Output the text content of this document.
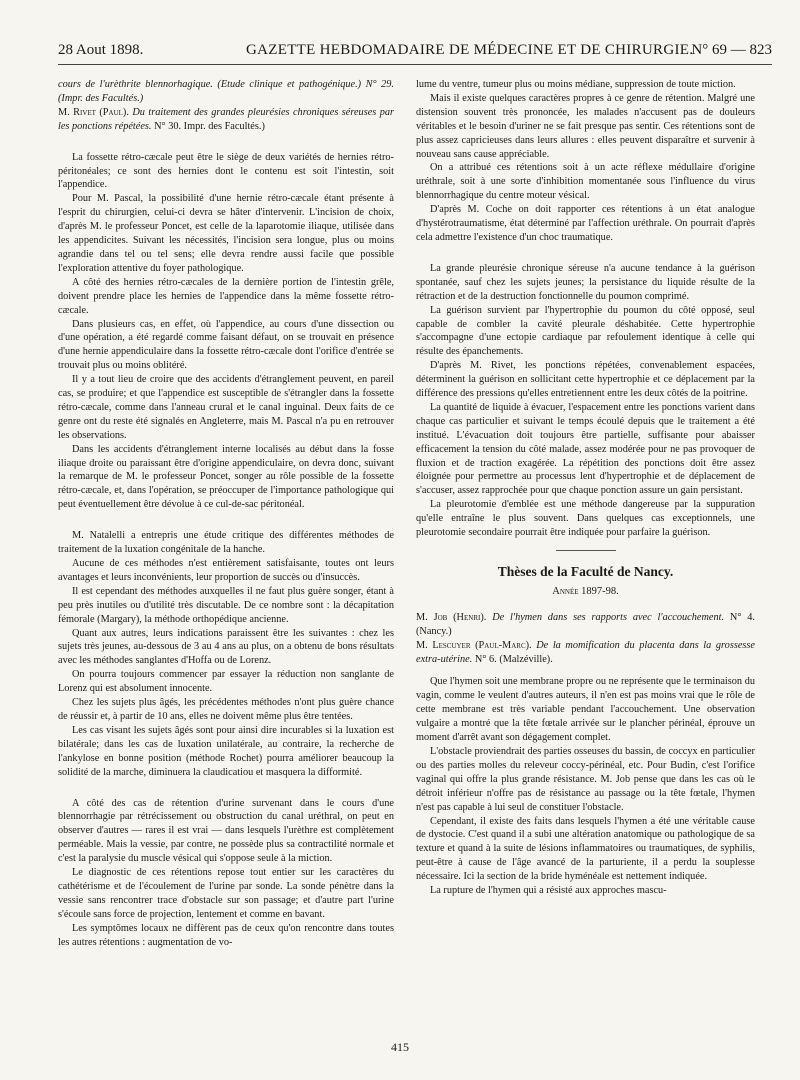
28 Aout 1898.	GAZETTE HEBDOMADAIRE DE MÉDECINE ET DE CHIRURGIE.
N° 69 — 823

cours de l'urèthrite blennorhagique. (Etude clinique et pathogénique.) N° 29. (Impr. des Facultés.)

M. Rivet (Paul). Du traitement des grandes pleurésies chroniques séreuses par les ponctions répétées. N° 30. Impr. des Facultés.)

La fossette rétro-cæcale peut être le siège de deux variétés de hernies rétro-péritonéales; ce sont des hernies dont le contenu est soit l'intestin, soit l'appendice.

Pour M. Pascal, la possibilité d'une hernie rétro-cæcale étant présente à l'esprit du chirurgien, celui-ci devra se hâter d'intervenir. L'incision de choix, d'après M. le professeur Poncet, est celle de la laparotomie iliaque, utilisée dans les appendicites. Suivant les nécessités, l'incision sera longue, plus ou moins agrandie dans tel ou tel sens; elle devra rendre aussi facile que possible l'exploration attentive du foyer pathologique.

A côté des hernies rétro-cæcales de la dernière portion de l'intestin grêle, doivent prendre place les hernies de l'appendice dans la même fossette rétro-cæcale.

Dans plusieurs cas, en effet, où l'appendice, au cours d'une dissection ou d'une opération, a été regardé comme faisant défaut, on se trouvait en présence d'une hernie appendiculaire dans la fossette rétro-cæcale dont l'orifice d'entrée se trouvait plus ou moins oblitéré.

Il y a tout lieu de croire que des accidents d'étranglement peuvent, en pareil cas, se produire; et que l'appendice est susceptible de s'étrangler dans la fossette rétro-cæcale, comme dans l'anneau crural et le canal inguinal. Deux faits de ce genre ont du reste été signalés en Angleterre, mais M. Pascal n'a pu en retrouver les observations.

Dans les accidents d'étranglement interne localisés au début dans la fosse iliaque droite ou paraissant être d'origine appendiculaire, on devra donc, suivant la remarque de M. le professeur Poncet, songer au rôle possible de la fossette rétro-cæcale, et, dans l'opération, se préoccuper de l'importance pathologique qui peut éventuellement être dévolue à ce cul-de-sac péritonéal.

M. Natalelli a entrepris une étude critique des différentes méthodes de traitement de la luxation congénitale de la hanche.

Aucune de ces méthodes n'est entièrement satisfaisante, toutes ont leurs avantages et leurs inconvénients, leur proportion de succès ou d'insuccès.

Il est cependant des méthodes auxquelles il ne faut plus guère songer, étant à peu près inutiles ou d'utilité très discutable. De ce nombre sont : la décapitation fémorale (Margary), la méthode orthopédique ancienne.

Quant aux autres, leurs indications paraissent être les suivantes : chez les sujets très jeunes, au-dessous de 3 au 4 ans au plus, on a obtenu de bons résultats avec les méthodes sanglantes d'Hoffa ou de Lorenz.

On pourra toujours commencer par essayer la réduction non sanglante de Lorenz qui est absolument innocente.

Chez les sujets plus âgés, les précédentes méthodes n'ont plus guère chance de réussir et, à partir de 10 ans, elles ne doivent même plus être tentées.

Les cas visant les sujets âgés sont pour ainsi dire incurables si la luxation est bilatérale; dans les cas de luxation unilatérale, au contraire, la recherche de l'ankylose en bonne position (méthode Rochet) pourra améliorer beaucoup la solidité de la marche, diminuera la claudicatiou et masquera la difformité.

A côté des cas de rétention d'urine survenant dans le cours d'une blennorrhagie par rétrécissement ou obstruction du canal uréthral, on peut en observer d'autres — rares il est vrai — dans lesquels l'urèthre est complètement perméable. Mais la vessie, par contre, ne possède plus sa contractilité normale et c'est la paralysie du muscle vésical qui s'oppose seule à la miction.

Le diagnostic de ces rétentions repose tout entier sur les caractères du cathétérisme et de l'écoulement de l'urine par sonde. La sonde pénètre dans la vessie sans rencontrer trace d'obstacle sur son passage; et d'autre part l'urine s'écoule sans force de projection, lentement et comme en bavant.

Les symptômes locaux ne diffèrent pas de ceux qu'on rencontre dans toutes les autres rétentions : augmentation de vo-

lume du ventre, tumeur plus ou moins médiane, suppression de toute miction.

Mais il existe quelques caractères propres à ce genre de rétention. Malgré une distension souvent très prononcée, les malades n'accusent pas de douleurs véritables et le besoin d'uriner ne se fait presque pas sentir. Ces rétentions sont de plus assez capricieuses dans leurs allures : elles peuvent disparaître et survenir à nouveau sans cause appréciable.

On a attribué ces rétentions soit à un acte réflexe médullaire d'origine uréthrale, soit à une sorte d'inhibition momentanée sous l'influence du virus blennorrhagique du centre moteur vésical.

D'après M. Coche on doit rapporter ces rétentions à un état analogue d'hystérotraumatisme, état déterminé par l'affection uréthrale. On pourrait d'après cela admettre l'existence d'un choc traumatique.

La grande pleurésie chronique séreuse n'a aucune tendance à la guérison spontanée, sauf chez les sujets jeunes; la persistance du liquide résulte de la rétraction et de la destruction fonctionnelle du poumon comprimé.

La guérison survient par l'hypertrophie du poumon du côté opposé, seul capable de combler la cavité pleurale déshabitée. Cette hypertrophie s'accompagne d'une ectopie cardiaque par refoulement identique à celle qui résulte des épanchements.

D'après M. Rivet, les ponctions répétées, convenablement espacées, déterminent la guérison en sollicitant cette hypertrophie et ce déplacement par la différence des pressions qu'elles entretiennent entre les deux côtés de la poitrine.

La quantité de liquide à évacuer, l'espacement entre les ponctions varient dans chaque cas particulier et suivant le temps écoulé depuis que le traitement a été institué. L'évacuation doit toujours être partielle, suffisante pour abaisser efficacement la tension du côté malade, assez modérée pour ne pas provoquer de fluxion et de traction exagérée. La répétition des ponctions doit être assez éloignée pour permettre au processus lent d'hypertrophie et de déplacement de s'accuser, assez rapprochée pour que chaque ponction assure un gain persistant.

La pleurotomie d'emblée est une méthode dangereuse par la suppuration qu'elle entraîne le plus souvent. Dans quelques cas exceptionnels, une pleurotomie secondaire pourrait être indiquée pour parfaire la guérison.

Thèses de la Faculté de Nancy.
Année 1897-98.

M. Job (Henri). De l'hymen dans ses rapports avec l'accouchement. N° 4. (Nancy.)

M. Lescuyer (Paul-Marc). De la momification du placenta dans la grossesse extra-utérine. N° 6. (Malzéville).

Que l'hymen soit une membrane propre ou ne représente que le terminaison du vagin, comme le veulent d'autres auteurs, il n'en est pas moins vrai que le rôle de cette membrane est très variable pendant l'accouchement. Une observation vulgaire a montré que la tête fœtale arrivée sur le plancher périnéal, éprouve un moment d'arrêt avant son dégagement complet.

L'obstacle proviendrait des parties osseuses du bassin, de coccyx en particulier ou des parties molles du releveur coccy-périnéal, etc. Pour Budin, c'est l'orifice vaginal qui offre la plus grande résistance. M. Job pense que dans les cas où le détroit inférieur n'offre pas de résistance au passage ou la tête fœtale, l'hymen n'est pas capable à lui seul de constituer l'obstacle.

Cependant, il existe des faits dans lesquels l'hymen a été une véritable cause de dystocie. C'est quand il a subi une altération anatomique ou pathologique de sa texture et quand à la suite de lésions inflammatoires ou traumatiques, de syphilis, peut-être à cause de l'âge avancé de la parturiente, il a perdu la souplesse nécessaire. Ici la section de la bride hyménéale est nettement indiquée.

La rupture de l'hymen qui a résisté aux approches mascu-

415
